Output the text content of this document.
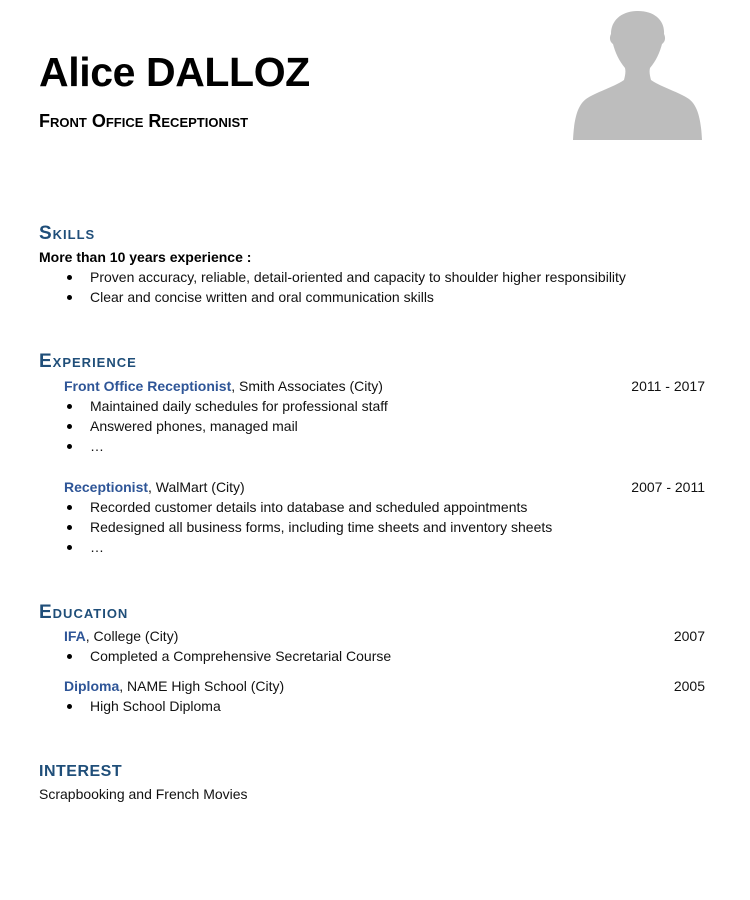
Alice DALLOZ
Front Office Receptionist
Skills
More than 10 years experience :
Proven accuracy, reliable, detail-oriented and capacity to shoulder higher responsibility
Clear and concise written and oral communication skills
Experience
Front Office Receptionist, Smith Associates (City)	2011 - 2017
Maintained daily schedules for professional staff
Answered phones, managed mail
…
Receptionist, WalMart (City)	2007 - 2011
Recorded customer details into database and scheduled appointments
Redesigned all business forms, including time sheets and inventory sheets
…
Education
IFA, College (City)	2007
Completed a Comprehensive Secretarial Course
Diploma, NAME High School (City)	2005
High School Diploma
INTEREST
Scrapbooking and French Movies
